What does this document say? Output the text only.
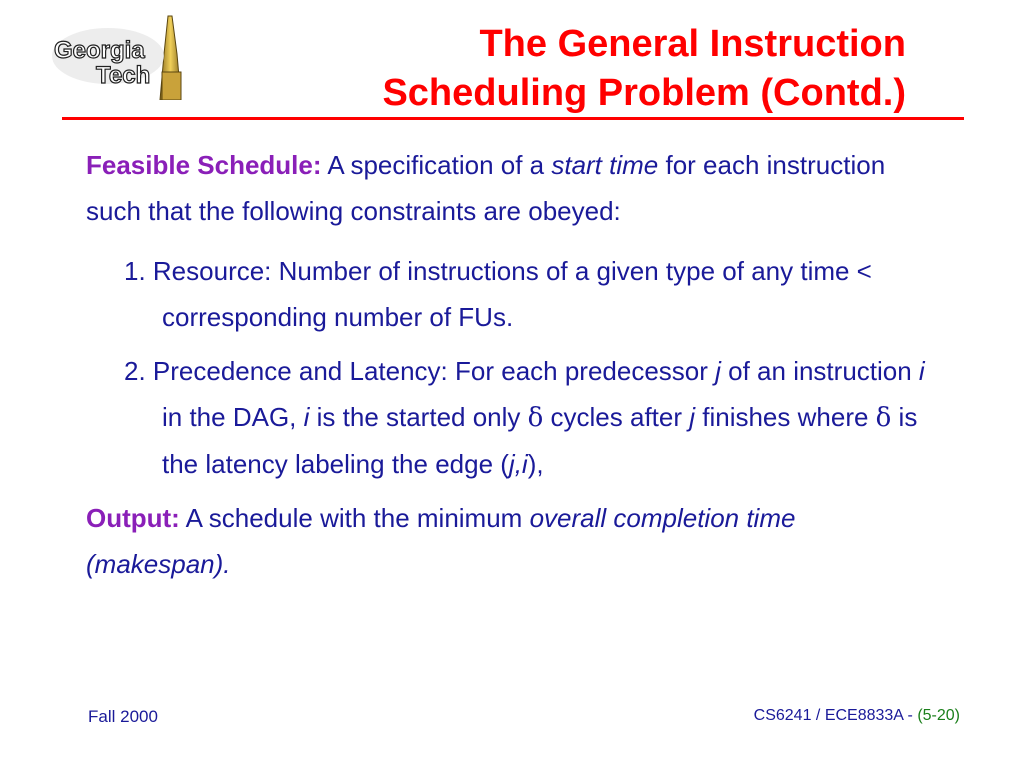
Georgia
Tech
The General Instruction
Scheduling Problem (Contd.)

Feasible Schedule: A specification of a start time for each instruction such that the following constraints are obeyed:

1. Resource: Number of instructions of a given type of any time < corresponding number of FUs.

2. Precedence and Latency: For each predecessor j of an instruction i in the DAG, i is the started only δ cycles after j finishes where δ is the latency labeling the edge (j,i),

Output: A schedule with the minimum overall completion time (makespan).

Fall 2000	CS6241 / ECE8833A - (5-20)
